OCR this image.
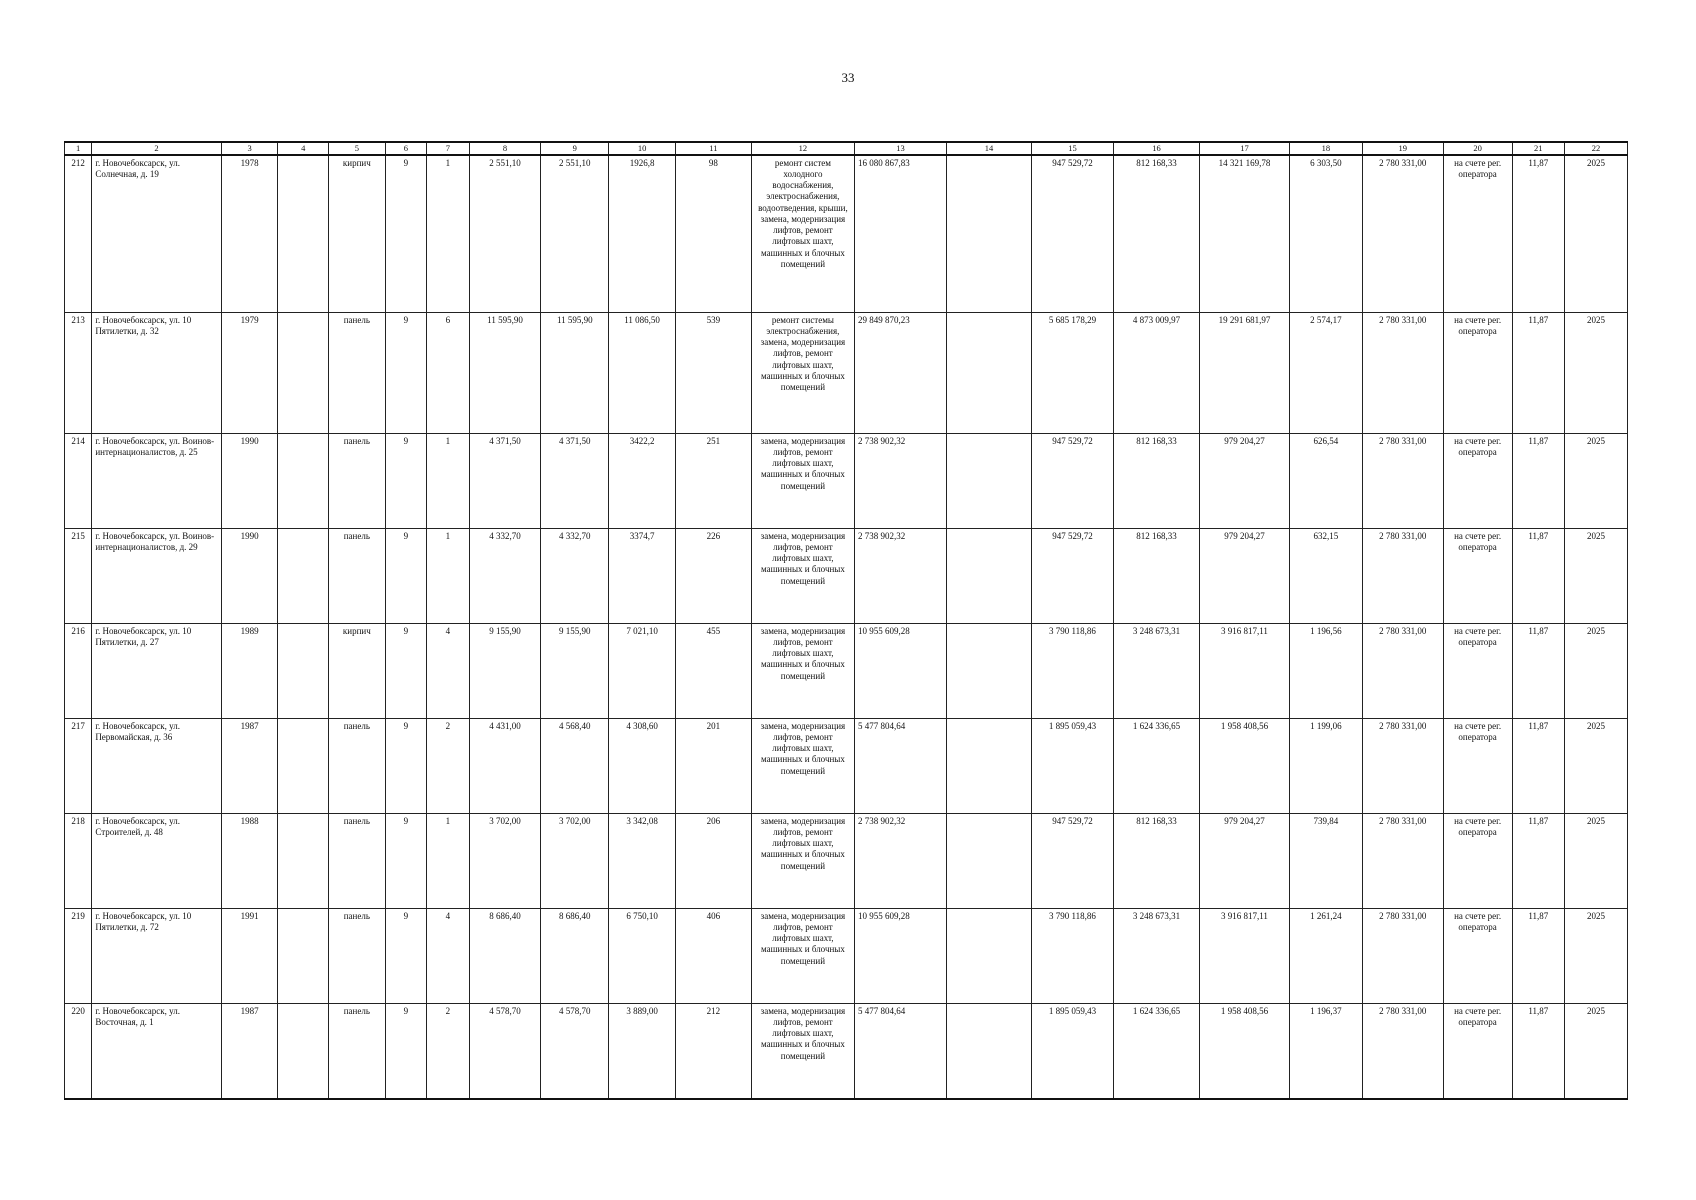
33
1	2	3	4	5	6	7	8	9	10	11	12	13	14	15	16	17	18	19	20	21	22
212	г. Новочебоксарск, ул. Солнечная, д. 19	1978		кирпич	9	1	2 551,10	2 551,10	1926,8	98	ремонт систем холодного водоснабжения, электроснабжения, водоотведения, крыши, замена, модернизация лифтов, ремонт лифтовых шахт, машинных и блочных помещений	16 080 867,83		947 529,72	812 168,33	14 321 169,78	6 303,50	2 780 331,00	на счете рег. оператора	11,87	2025
213	г. Новочебоксарск, ул. 10 Пятилетки, д. 32	1979		панель	9	6	11 595,90	11 595,90	11 086,50	539	ремонт системы электроснабжения, замена, модернизация лифтов, ремонт лифтовых шахт, машинных и блочных помещений	29 849 870,23		5 685 178,29	4 873 009,97	19 291 681,97	2 574,17	2 780 331,00	на счете рег. оператора	11,87	2025
214	г. Новочебоксарск, ул. Воинов-интернационалистов, д. 25	1990		панель	9	1	4 371,50	4 371,50	3422,2	251	замена, модернизация лифтов, ремонт лифтовых шахт, машинных и блочных помещений	2 738 902,32		947 529,72	812 168,33	979 204,27	626,54	2 780 331,00	на счете рег. оператора	11,87	2025
215	г. Новочебоксарск, ул. Воинов-интернационалистов, д. 29	1990		панель	9	1	4 332,70	4 332,70	3374,7	226	замена, модернизация лифтов, ремонт лифтовых шахт, машинных и блочных помещений	2 738 902,32		947 529,72	812 168,33	979 204,27	632,15	2 780 331,00	на счете рег. оператора	11,87	2025
216	г. Новочебоксарск, ул. 10 Пятилетки, д. 27	1989		кирпич	9	4	9 155,90	9 155,90	7 021,10	455	замена, модернизация лифтов, ремонт лифтовых шахт, машинных и блочных помещений	10 955 609,28		3 790 118,86	3 248 673,31	3 916 817,11	1 196,56	2 780 331,00	на счете рег. оператора	11,87	2025
217	г. Новочебоксарск, ул. Первомайская, д. 36	1987		панель	9	2	4 431,00	4 568,40	4 308,60	201	замена, модернизация лифтов, ремонт лифтовых шахт, машинных и блочных помещений	5 477 804,64		1 895 059,43	1 624 336,65	1 958 408,56	1 199,06	2 780 331,00	на счете рег. оператора	11,87	2025
218	г. Новочебоксарск, ул. Строителей, д. 48	1988		панель	9	1	3 702,00	3 702,00	3 342,08	206	замена, модернизация лифтов, ремонт лифтовых шахт, машинных и блочных помещений	2 738 902,32		947 529,72	812 168,33	979 204,27	739,84	2 780 331,00	на счете рег. оператора	11,87	2025
219	г. Новочебоксарск, ул. 10 Пятилетки, д. 72	1991		панель	9	4	8 686,40	8 686,40	6 750,10	406	замена, модернизация лифтов, ремонт лифтовых шахт, машинных и блочных помещений	10 955 609,28		3 790 118,86	3 248 673,31	3 916 817,11	1 261,24	2 780 331,00	на счете рег. оператора	11,87	2025
220	г. Новочебоксарск, ул. Восточная, д. 1	1987		панель	9	2	4 578,70	4 578,70	3 889,00	212	замена, модернизация лифтов, ремонт лифтовых шахт, машинных и блочных помещений	5 477 804,64		1 895 059,43	1 624 336,65	1 958 408,56	1 196,37	2 780 331,00	на счете рег. оператора	11,87	2025
